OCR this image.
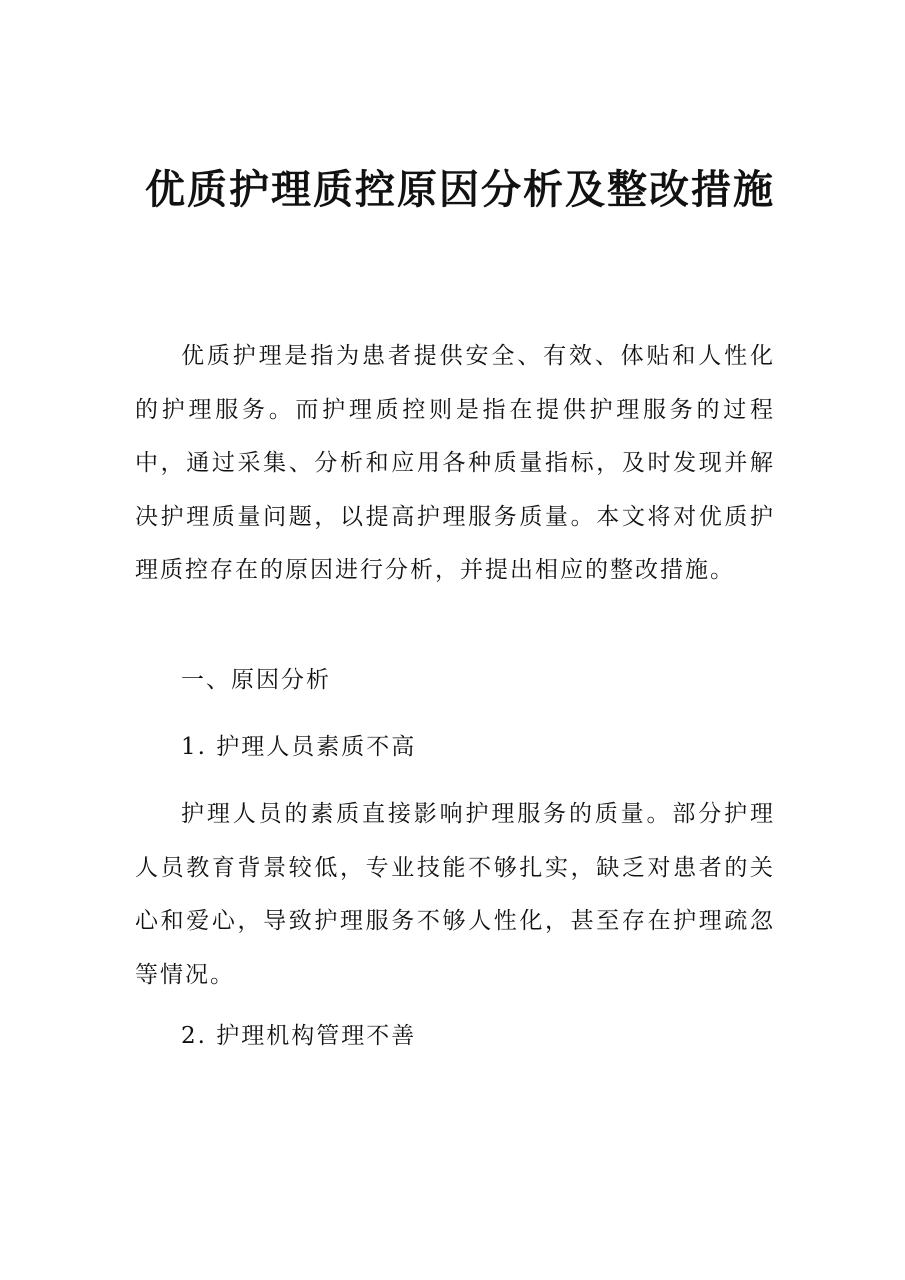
优质护理质控原因分析及整改措施

优质护理是指为患者提供安全、有效、体贴和人性化的护理服务。而护理质控则是指在提供护理服务的过程中，通过采集、分析和应用各种质量指标，及时发现并解决护理质量问题，以提高护理服务质量。本文将对优质护理质控存在的原因进行分析，并提出相应的整改措施。

一、原因分析
1. 护理人员素质不高

护理人员的素质直接影响护理服务的质量。部分护理人员教育背景较低，专业技能不够扎实，缺乏对患者的关心和爱心，导致护理服务不够人性化，甚至存在护理疏忽等情况。

2. 护理机构管理不善
